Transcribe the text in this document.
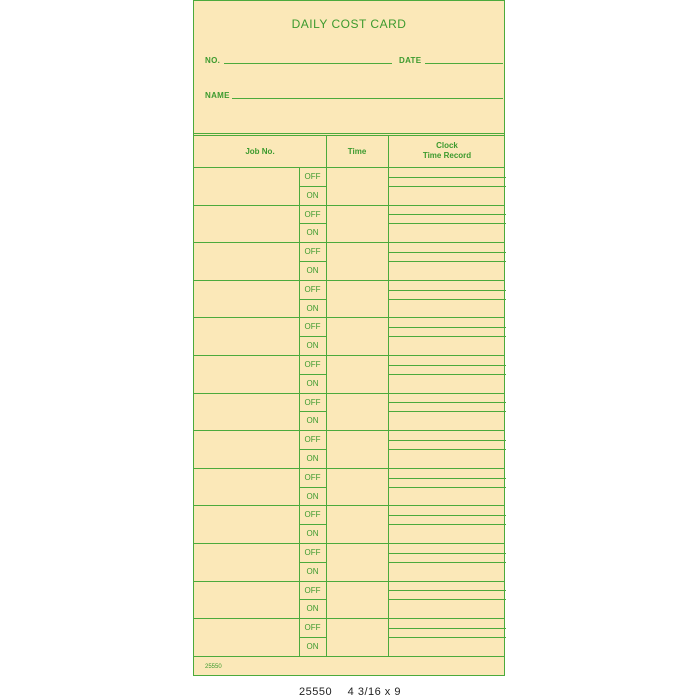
DAILY COST CARD
NO.	DATE
NAME
Job No.	Time
Clock
Time Record
OFF
ON
OFF
ON
OFF
ON
OFF
ON
OFF
ON
OFF
ON
OFF
ON
OFF
ON
OFF
ON
OFF
ON
OFF
ON
OFF
ON
OFF
ON
25550
25550 4 3/16 x 9
